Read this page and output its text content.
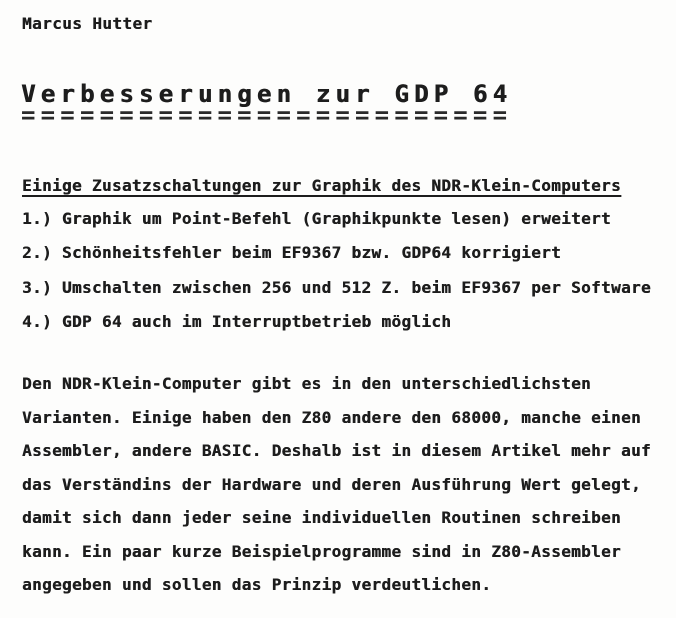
Marcus Hutter
Verbesserungen zur GDP 64
=========================
Einige Zusatzschaltungen zur Graphik des NDR-Klein-Computers
1.) Graphik um Point-Befehl (Graphikpunkte lesen) erweitert
2.) Schönheitsfehler beim EF9367 bzw. GDP64 korrigiert
3.) Umschalten zwischen 256 und 512 Z. beim EF9367 per Software
4.) GDP 64 auch im Interruptbetrieb möglich
Den NDR-Klein-Computer gibt es in den unterschiedlichsten
Varianten. Einige haben den Z80 andere den 68000, manche einen
Assembler, andere BASIC. Deshalb ist in diesem Artikel mehr auf
das Verständins der Hardware und deren Ausführung Wert gelegt,
damit sich dann jeder seine individuellen Routinen schreiben
kann. Ein paar kurze Beispielprogramme sind in Z80-Assembler
angegeben und sollen das Prinzip verdeutlichen.
